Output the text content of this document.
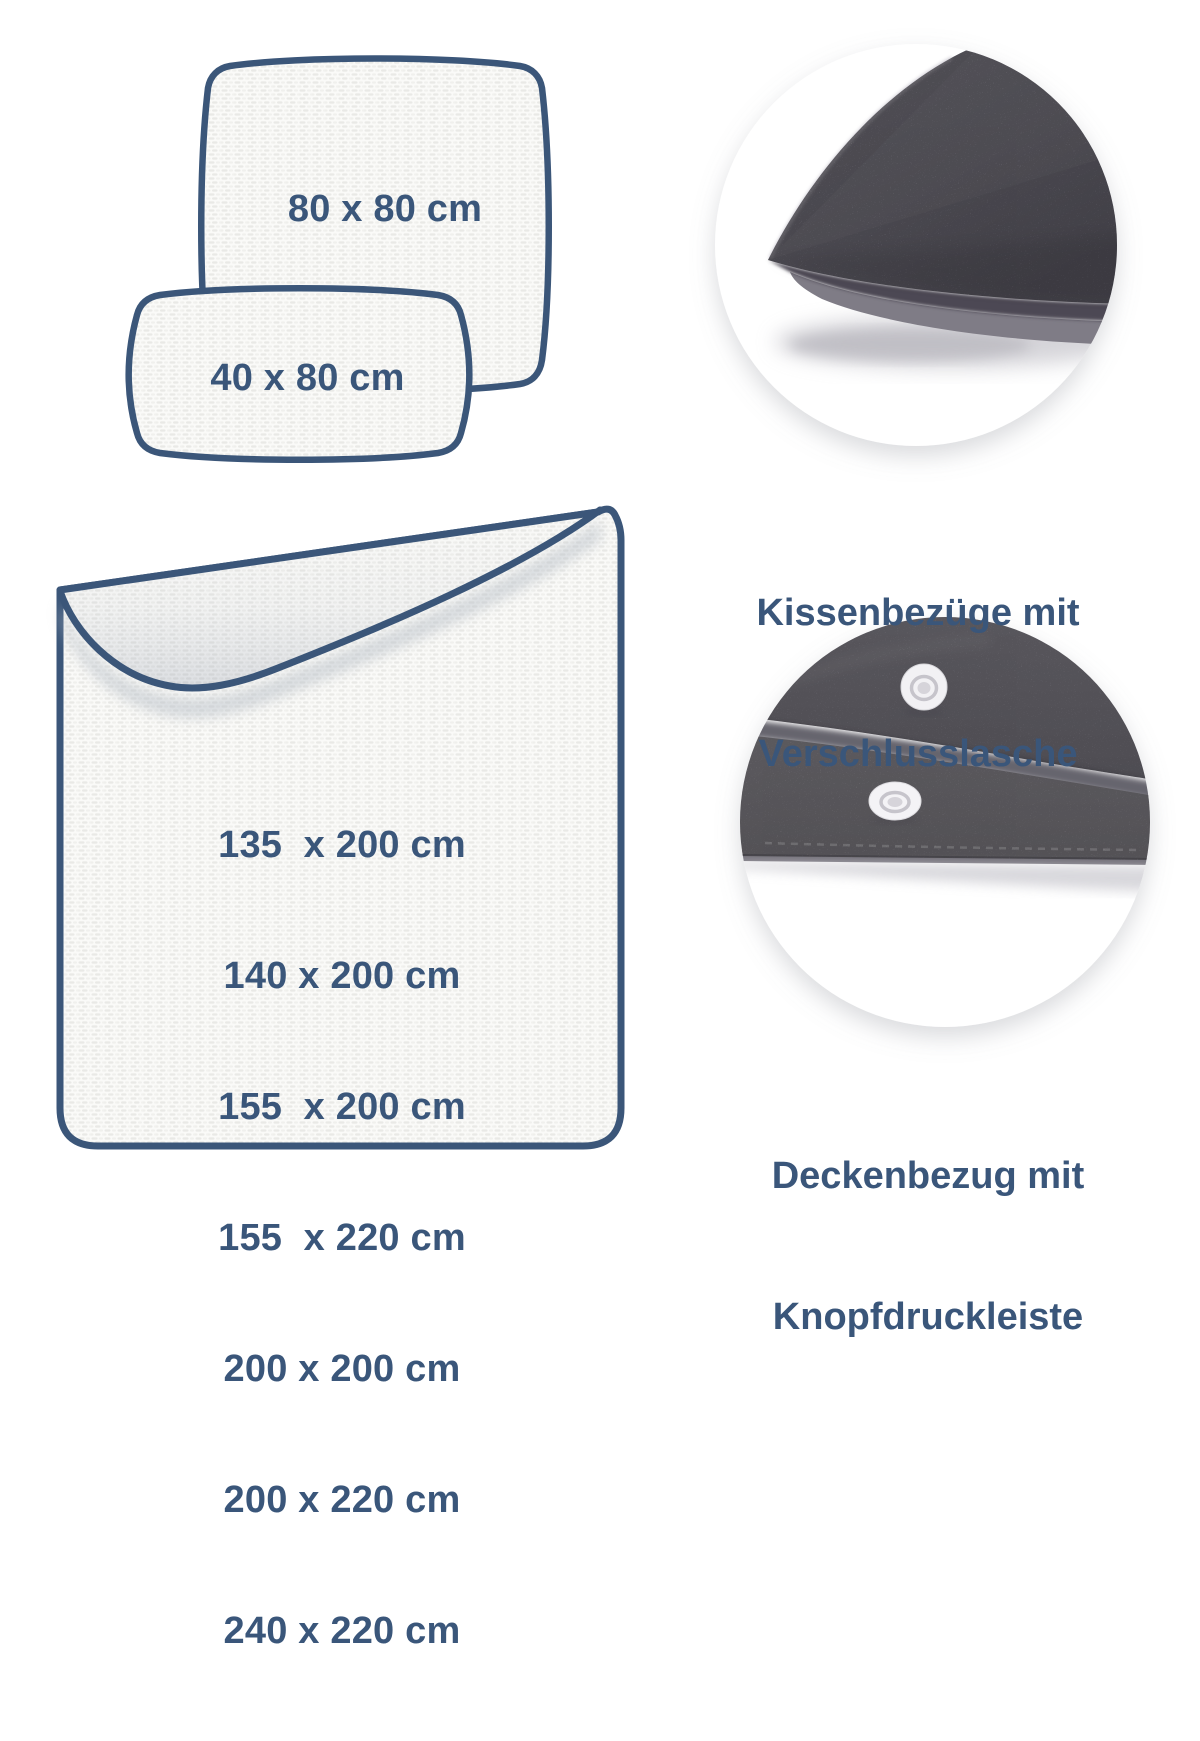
80 x 80 cm
40 x 80 cm

135  x 200 cm

140 x 200 cm

155  x 200 cm

155  x 220 cm

200 x 200 cm

200 x 220 cm

240 x 220 cm

Kissenbezüge mit

Verschlusslasche

Deckenbezug mit

Knopfdruckleiste
